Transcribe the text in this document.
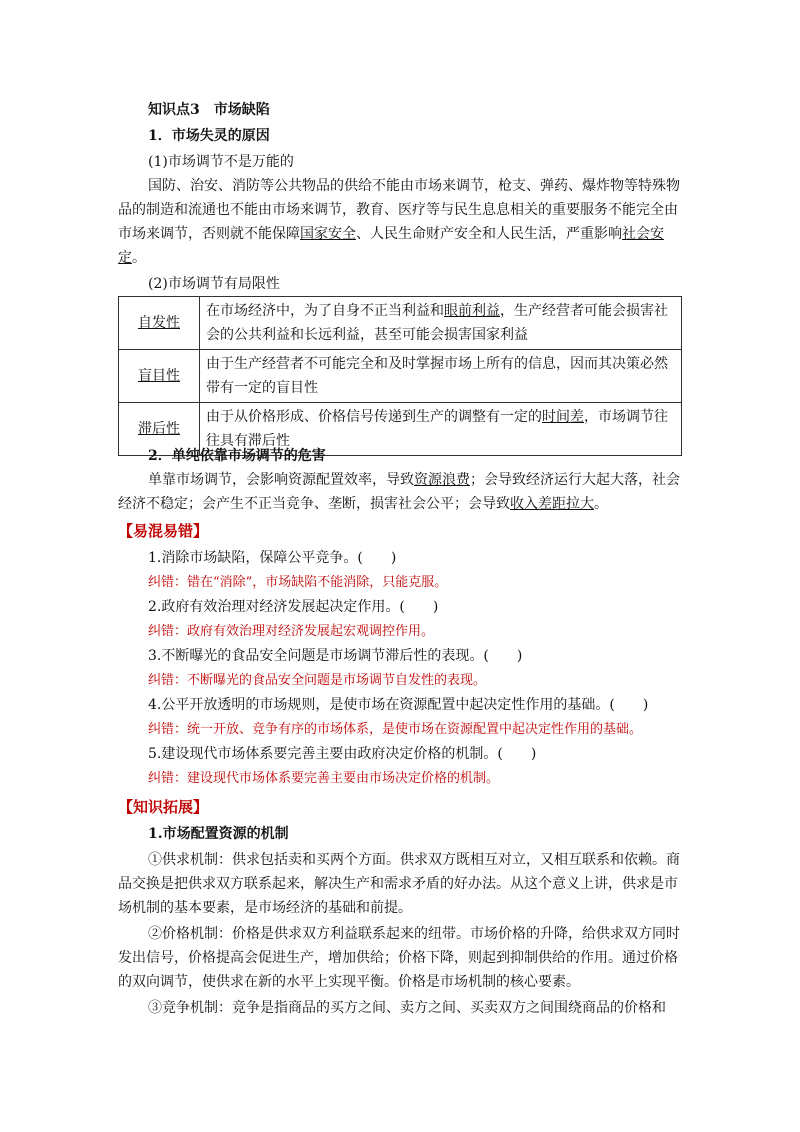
知识点3　市场缺陷

1．市场失灵的原因

(1)市场调节不是万能的

国防、治安、消防等公共物品的供给不能由市场来调节，枪支、弹药、爆炸物等特殊物品的制造和流通也不能由市场来调节，教育、医疗等与民生息息相关的重要服务不能完全由市场来调节，否则就不能保障国家安全、人民生命财产安全和人民生活，严重影响社会安定。

(2)市场调节有局限性

自发性	在市场经济中，为了自身不正当利益和眼前利益，生产经营者可能会损害社会的公共利益和长远利益，甚至可能会损害国家利益
盲目性	由于生产经营者不可能完全和及时掌握市场上所有的信息，因而其决策必然带有一定的盲目性
滞后性	由于从价格形成、价格信号传递到生产的调整有一定的时间差，市场调节往往具有滞后性

2．单纯依靠市场调节的危害

单靠市场调节，会影响资源配置效率，导致资源浪费；会导致经济运行大起大落，社会经济不稳定；会产生不正当竞争、垄断，损害社会公平；会导致收入差距拉大。

【易混易错】

1.消除市场缺陷，保障公平竞争。(　　)

纠错：错在“消除”，市场缺陷不能消除，只能克服。

2.政府有效治理对经济发展起决定作用。(　　)

纠错：政府有效治理对经济发展起宏观调控作用。

3.不断曝光的食品安全问题是市场调节滞后性的表现。(　　)

纠错：不断曝光的食品安全问题是市场调节自发性的表现。

4.公平开放透明的市场规则，是使市场在资源配置中起决定性作用的基础。(　　)

纠错：统一开放、竞争有序的市场体系，是使市场在资源配置中起决定性作用的基础。

5.建设现代市场体系要完善主要由政府决定价格的机制。(　　)

纠错：建设现代市场体系要完善主要由市场决定价格的机制。

【知识拓展】

1.市场配置资源的机制

①供求机制：供求包括卖和买两个方面。供求双方既相互对立，又相互联系和依赖。商品交换是把供求双方联系起来，解决生产和需求矛盾的好办法。从这个意义上讲，供求是市场机制的基本要素，是市场经济的基础和前提。

②价格机制：价格是供求双方利益联系起来的纽带。市场价格的升降，给供求双方同时发出信号，价格提高会促进生产，增加供给；价格下降，则起到抑制供给的作用。通过价格的双向调节，使供求在新的水平上实现平衡。价格是市场机制的核心要素。

③竞争机制：竞争是指商品的买方之间、卖方之间、买卖双方之间围绕商品的价格和
